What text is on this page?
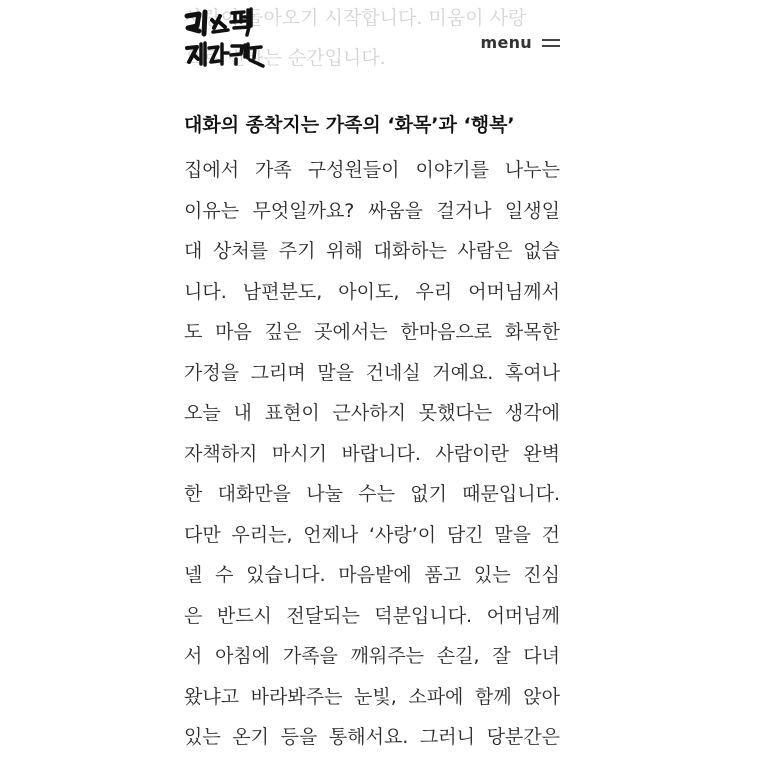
사랑이 돌아오기 시작합니다. 미움이 사랑

으로 변하는 순간입니다.

menu
대화의 종착지는 가족의 ‘화목’과 ‘행복’

집에서 가족 구성원들이 이야기를 나누는

이유는 무엇일까요? 싸움을 걸거나 일생일

대 상처를 주기 위해 대화하는 사람은 없습

니다. 남편분도, 아이도, 우리 어머님께서

도 마음 깊은 곳에서는 한마음으로 화목한

가정을 그리며 말을 건네실 거예요. 혹여나

오늘 내 표현이 근사하지 못했다는 생각에

자책하지 마시기 바랍니다. 사람이란 완벽

한 대화만을 나눌 수는 없기 때문입니다.

다만 우리는, 언제나 ‘사랑’이 담긴 말을 건

넬 수 있습니다. 마음밭에 품고 있는 진심

은 반드시 전달되는 덕분입니다. 어머님께

서 아침에 가족을 깨워주는 손길, 잘 다녀

왔냐고 바라봐주는 눈빛, 소파에 함께 앉아

있는 온기 등을 통해서요. 그러니 당분간은
